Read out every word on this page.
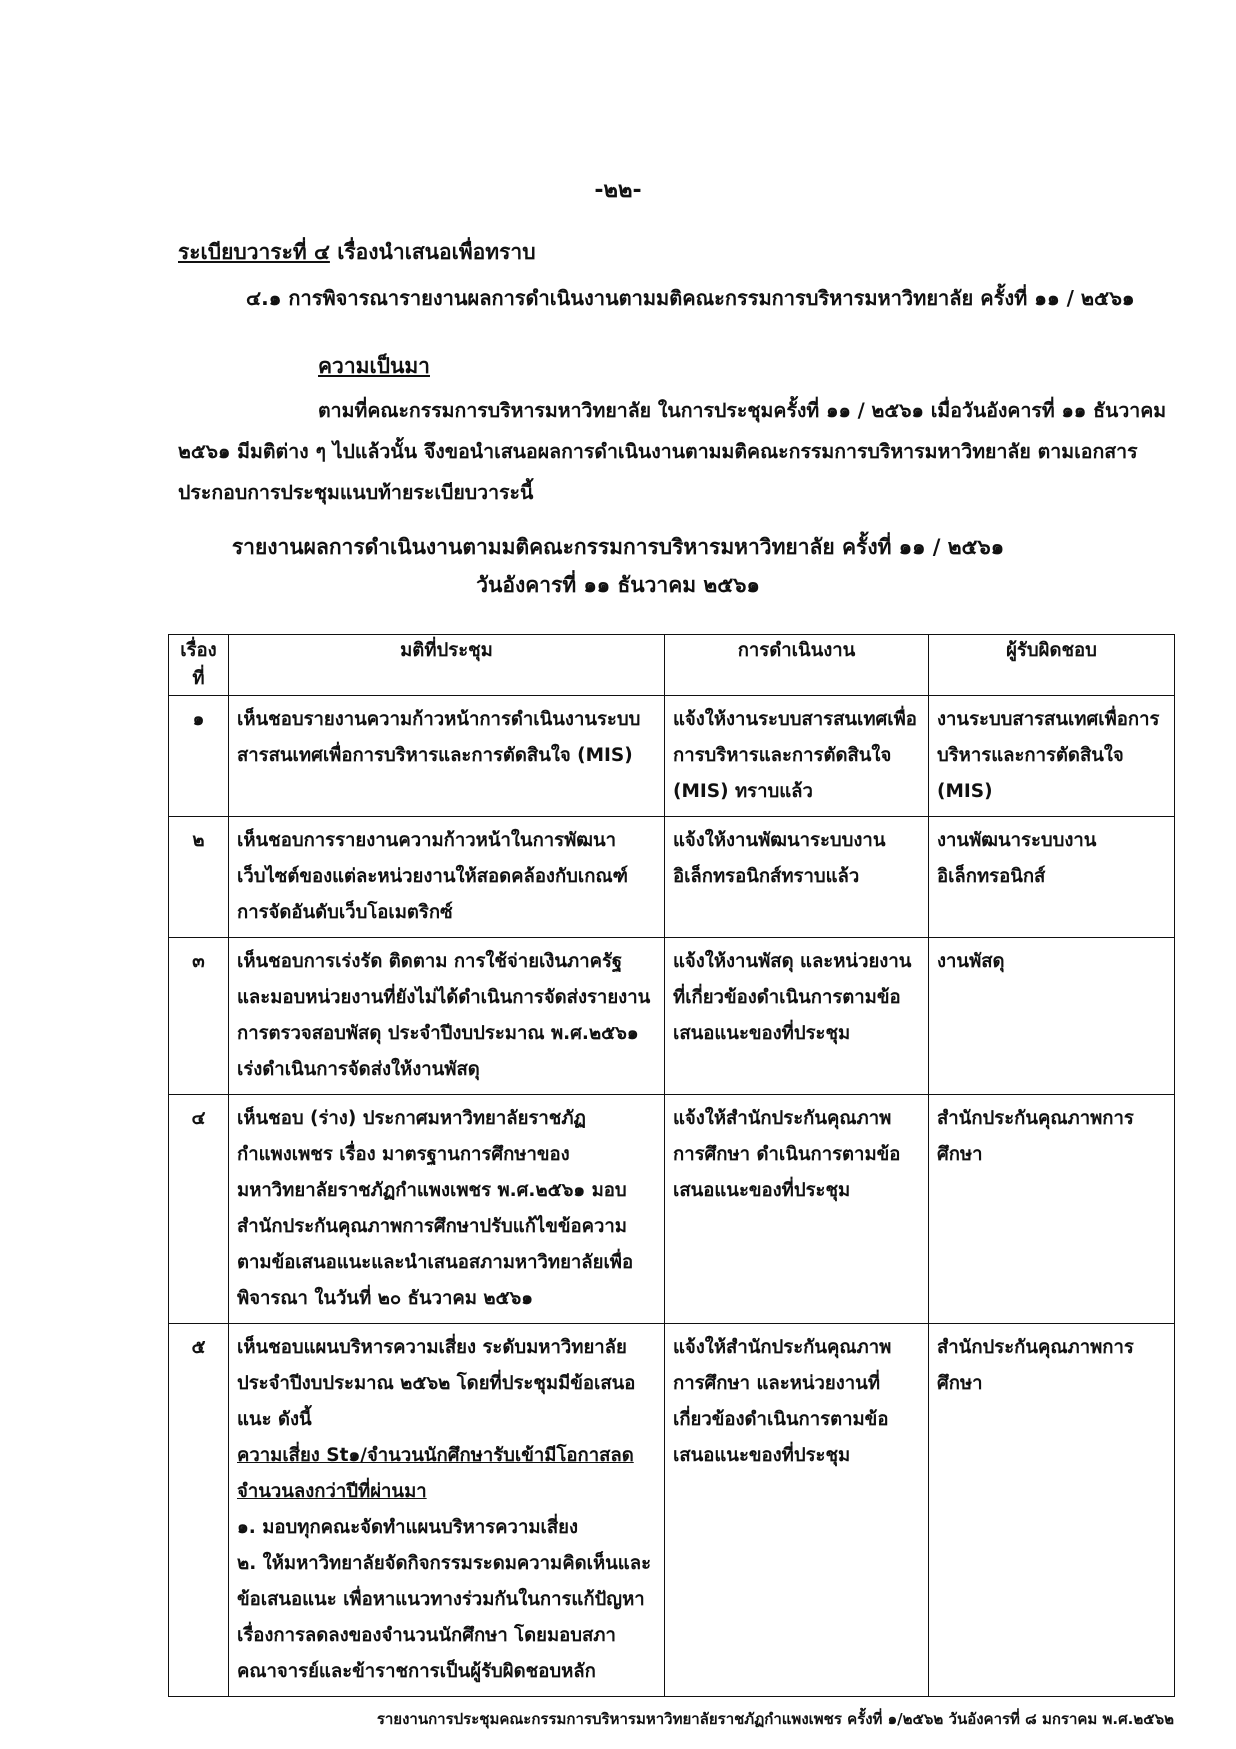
-๒๒-
ระเบียบวาระที่ ๔ เรื่องนำเสนอเพื่อทราบ
๔.๑ การพิจารณารายงานผลการดำเนินงานตามมติคณะกรรมการบริหารมหาวิทยาลัย ครั้งที่ ๑๑ / ๒๕๖๑
ความเป็นมา
ตามที่คณะกรรมการบริหารมหาวิทยาลัย ในการประชุมครั้งที่ ๑๑ / ๒๕๖๑ เมื่อวันอังคารที่ ๑๑ ธันวาคม ๒๕๖๑ มีมติต่าง ๆ ไปแล้วนั้น จึงขอนำเสนอผลการดำเนินงานตามมติคณะกรรมการบริหารมหาวิทยาลัย ตามเอกสารประกอบการประชุมแนบท้ายระเบียบวาระนี้
รายงานผลการดำเนินงานตามมติคณะกรรมการบริหารมหาวิทยาลัย ครั้งที่ ๑๑ / ๒๕๖๑
วันอังคารที่ ๑๑ ธันวาคม ๒๕๖๑
เรื่องที่	มติที่ประชุม	การดำเนินงาน	ผู้รับผิดชอบ
๑	เห็นชอบรายงานความก้าวหน้าการดำเนินงานระบบสารสนเทศเพื่อการบริหารและการตัดสินใจ (MIS)	แจ้งให้งานระบบสารสนเทศเพื่อการบริหารและการตัดสินใจ (MIS) ทราบแล้ว	งานระบบสารสนเทศเพื่อการบริหารและการตัดสินใจ (MIS)
๒	เห็นชอบการรายงานความก้าวหน้าในการพัฒนาเว็บไซต์ของแต่ละหน่วยงานให้สอดคล้องกับเกณฑ์การจัดอันดับเว็บโอเมตริกซ์	แจ้งให้งานพัฒนาระบบงานอิเล็กทรอนิกส์ทราบแล้ว	งานพัฒนาระบบงานอิเล็กทรอนิกส์
๓	เห็นชอบการเร่งรัด ติดตาม การใช้จ่ายเงินภาครัฐ และมอบหน่วยงานที่ยังไม่ได้ดำเนินการจัดส่งรายงานการตรวจสอบพัสดุ ประจำปีงบประมาณ พ.ศ.๒๕๖๑ เร่งดำเนินการจัดส่งให้งานพัสดุ	แจ้งให้งานพัสดุ และหน่วยงานที่เกี่ยวข้องดำเนินการตามข้อเสนอแนะของที่ประชุม	งานพัสดุ
๔	เห็นชอบ (ร่าง) ประกาศมหาวิทยาลัยราชภัฏกำแพงเพชร เรื่อง มาตรฐานการศึกษาของมหาวิทยาลัยราชภัฏกำแพงเพชร พ.ศ.๒๕๖๑ มอบสำนักประกันคุณภาพการศึกษาปรับแก้ไขข้อความตามข้อเสนอแนะและนำเสนอสภามหาวิทยาลัยเพื่อพิจารณา ในวันที่ ๒๐ ธันวาคม ๒๕๖๑	แจ้งให้สำนักประกันคุณภาพการศึกษา ดำเนินการตามข้อเสนอแนะของที่ประชุม	สำนักประกันคุณภาพการศึกษา
๕	เห็นชอบแผนบริหารความเสี่ยง ระดับมหาวิทยาลัย ประจำปีงบประมาณ ๒๕๖๒ โดยที่ประชุมมีข้อเสนอแนะ ดังนี้
ความเสี่ยง St๑/จำนวนนักศึกษารับเข้ามีโอกาสลดจำนวนลงกว่าปีที่ผ่านมา
๑. มอบทุกคณะจัดทำแผนบริหารความเสี่ยง
๒. ให้มหาวิทยาลัยจัดกิจกรรมระดมความคิดเห็นและข้อเสนอแนะ เพื่อหาแนวทางร่วมกันในการแก้ปัญหาเรื่องการลดลงของจำนวนนักศึกษา โดยมอบสภาคณาจารย์และข้าราชการเป็นผู้รับผิดชอบหลัก	แจ้งให้สำนักประกันคุณภาพการศึกษา และหน่วยงานที่เกี่ยวข้องดำเนินการตามข้อเสนอแนะของที่ประชุม	สำนักประกันคุณภาพการศึกษา
รายงานการประชุมคณะกรรมการบริหารมหาวิทยาลัยราชภัฏกำแพงเพชร ครั้งที่ ๑/๒๕๖๒ วันอังคารที่ ๘ มกราคม พ.ศ.๒๕๖๒
